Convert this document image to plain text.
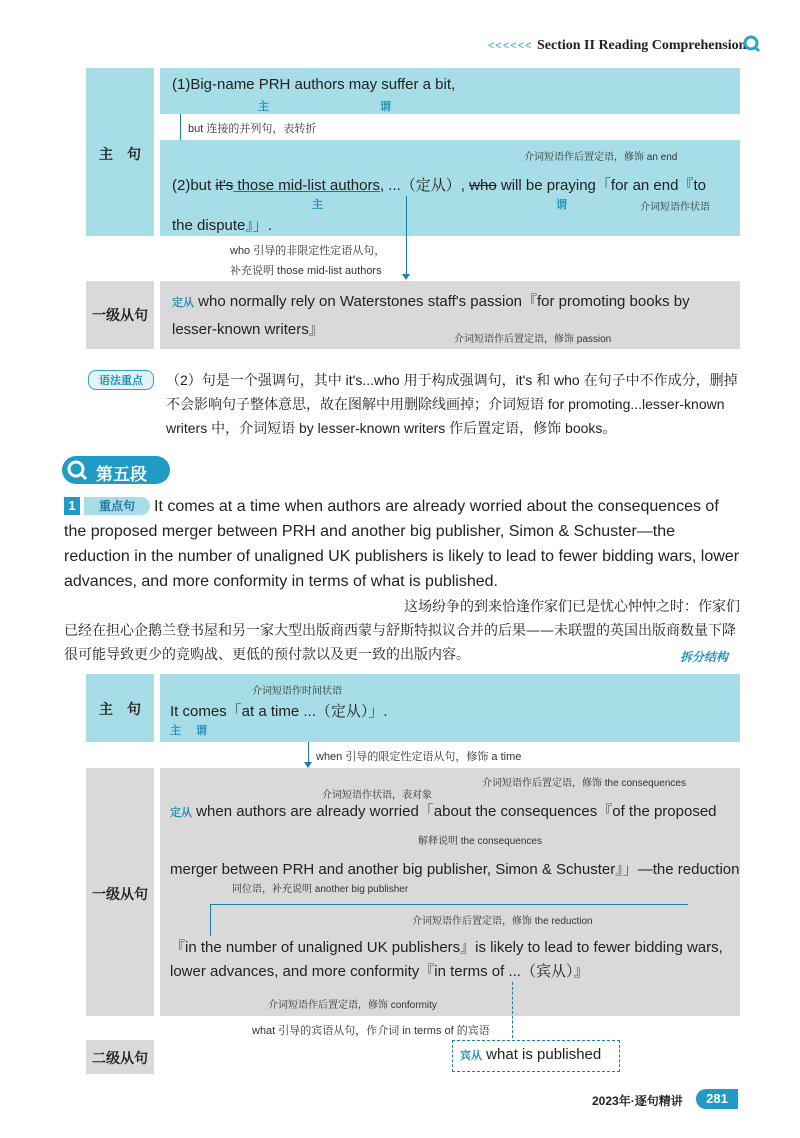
<<<<<< Section II Reading Comprehension
主　句
一级从句
(1)Big-name PRH authors may suffer a bit,
主	谓
but 连接的并列句，表转折
介词短语作后置定语，修饰 an end
(2)but it's those mid-list authors, ...（定从）, who will be praying「for an end『to
主	谓	介词短语作状语
the dispute』」.
who 引导的非限定性定语从句，
补充说明 those mid-list authors
定从 who normally rely on Waterstones staff's passion『for promoting books by
lesser-known writers』
介词短语作后置定语，修饰 passion
语法重点	（2）句是一个强调句，其中 it's...who 用于构成强调句，it's 和 who 在句子中不作成分，删掉不会影响句子整体意思，故在图解中用删除线画掉；介词短语 for promoting...lesser-known writers 中，介词短语 by lesser-known writers 作后置定语，修饰 books。
第五段
1	重点句	It comes at a time when authors are already worried about the consequences of the proposed merger between PRH and another big publisher, Simon & Schuster—the reduction in the number of unaligned UK publishers is likely to lead to fewer bidding wars, lower advances, and more conformity in terms of what is published.
这场纷争的到来恰逢作家们已是忧心忡忡之时：作家们已经在担心企鹅兰登书屋和另一家大型出版商西蒙与舒斯特拟议合并的后果——未联盟的英国出版商数量下降很可能导致更少的竞购战、更低的预付款以及更一致的出版内容。	拆分结构
主　句
一级从句
二级从句
介词短语作时间状语
It comes「at a time ...（定从）」.
主 谓
when 引导的限定性定语从句，修饰 a time
介词短语作后置定语，修饰 the consequences
介词短语作状语，表对象
定从 when authors are already worried「about the consequences『of the proposed
解释说明 the consequences
merger between PRH and another big publisher, Simon & Schuster』」—the reduction
同位语，补充说明 another big publisher
介词短语作后置定语，修饰 the reduction
『in the number of unaligned UK publishers』is likely to lead to fewer bidding wars,
lower advances, and more conformity『in terms of ...（宾从）』
介词短语作后置定语，修饰 conformity
what 引导的宾语从句，作介词 in terms of 的宾语
宾从 what is published
2023年·逐句精讲	281
